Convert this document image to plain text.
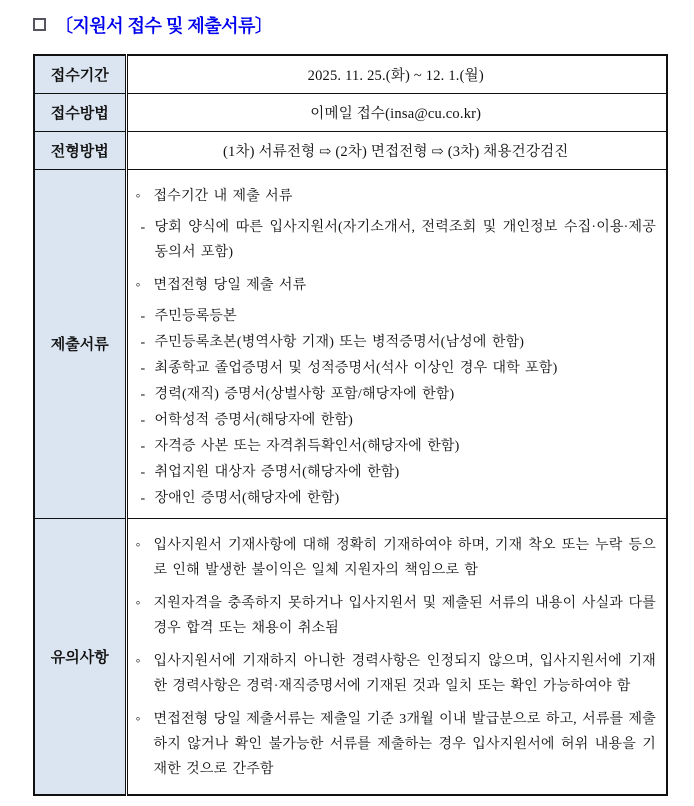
〔지원서 접수 및 제출서류〕
접수기간	2025. 11. 25.(화) ~ 12. 1.(월)

접수방법	이메일 접수(insa@cu.co.kr)

전형방법	(1차) 서류전형 ⇨ (2차) 면접전형 ⇨ (3차) 채용건강검진

제출서류	
◦ 접수기간 내 제출 서류
- 당회 양식에 따른 입사지원서(자기소개서, 전력조회 및 개인정보 수집·이용·제공 동의서 포함)
◦ 면접전형 당일 제출 서류
- 주민등록등본
- 주민등록초본(병역사항 기재) 또는 병적증명서(남성에 한함)
- 최종학교 졸업증명서 및 성적증명서(석사 이상인 경우 대학 포함)
- 경력(재직) 증명서(상벌사항 포함/해당자에 한함)
- 어학성적 증명서(해당자에 한함)
- 자격증 사본 또는 자격취득확인서(해당자에 한함)
- 취업지원 대상자 증명서(해당자에 한함)
- 장애인 증명서(해당자에 한함)

유의사항	
◦ 입사지원서 기재사항에 대해 정확히 기재하여야 하며, 기재 착오 또는 누락 등으로 인해 발생한 불이익은 일체 지원자의 책임으로 함
◦ 지원자격을 충족하지 못하거나 입사지원서 및 제출된 서류의 내용이 사실과 다를 경우 합격 또는 채용이 취소됨
◦ 입사지원서에 기재하지 아니한 경력사항은 인정되지 않으며, 입사지원서에 기재한 경력사항은 경력·재직증명서에 기재된 것과 일치 또는 확인 가능하여야 함
◦ 면접전형 당일 제출서류는 제출일 기준 3개월 이내 발급분으로 하고, 서류를 제출하지 않거나 확인 불가능한 서류를 제출하는 경우 입사지원서에 허위 내용을 기재한 것으로 간주함
